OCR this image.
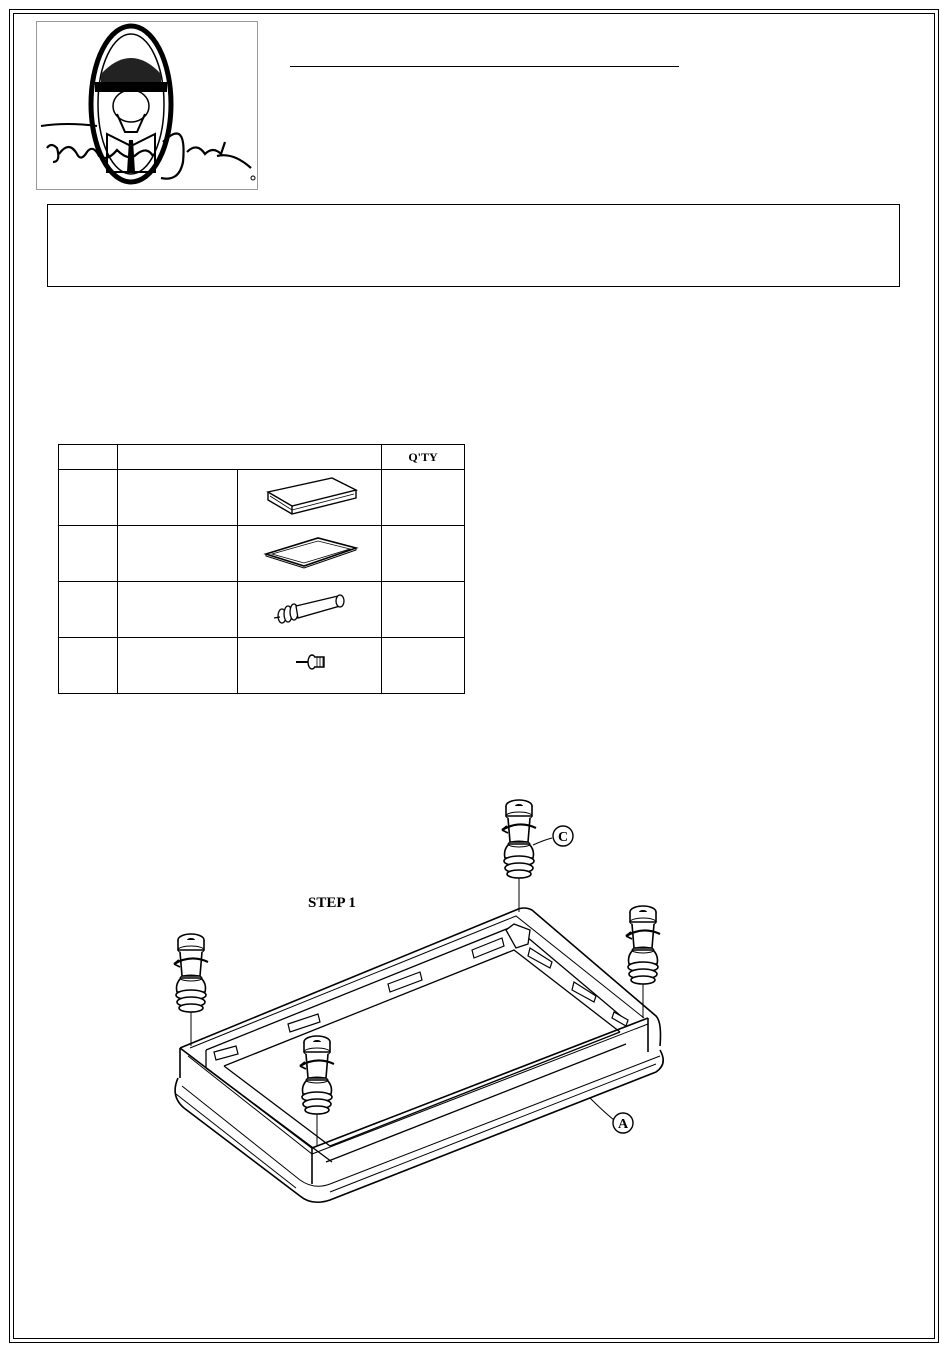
			Q'TY

STEP 1
C
A
